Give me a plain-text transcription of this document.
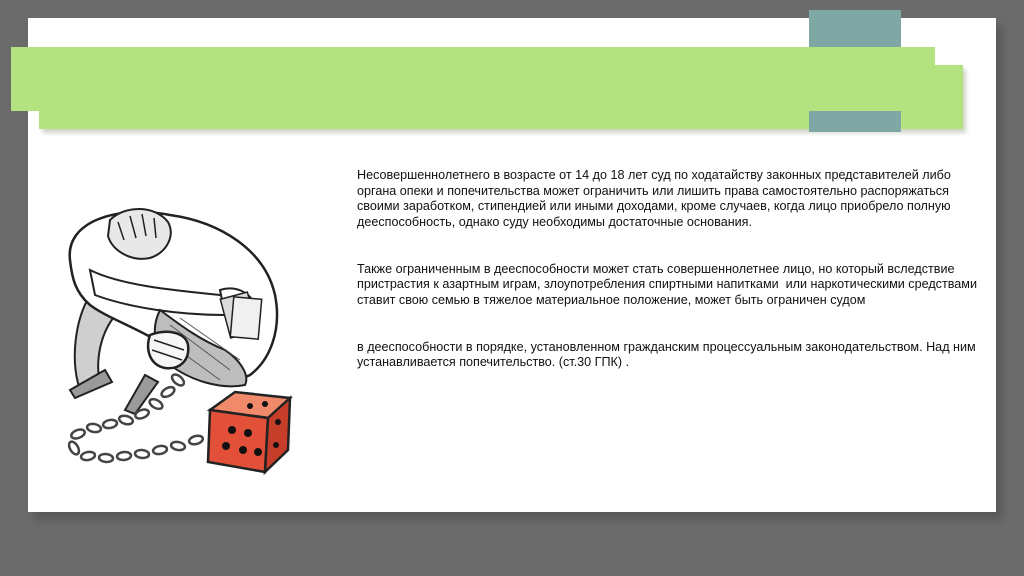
Несовершеннолетнего в возрасте от 14 до 18 лет суд по ходатайству законных представителей либо органа опеки и попечительства может ограничить или лишить права самостоятельно распоряжаться своими заработком, стипендией или иными доходами, кроме случаев, когда лицо приобрело полную дееспособность, однако суду необходимы достаточные основания.

Также ограниченным в дееспособности может стать совершеннолетнее лицо, но который вследствие пристрастия к азартным играм, злоупотребления спиртными напитками  или наркотическими средствами ставит свою семью в тяжелое материальное положение, может быть ограничен судом

в дееспособности в порядке, установленном гражданским процессуальным законодательством. Над ним устанавливается попечительство. (ст.30 ГПК) .
